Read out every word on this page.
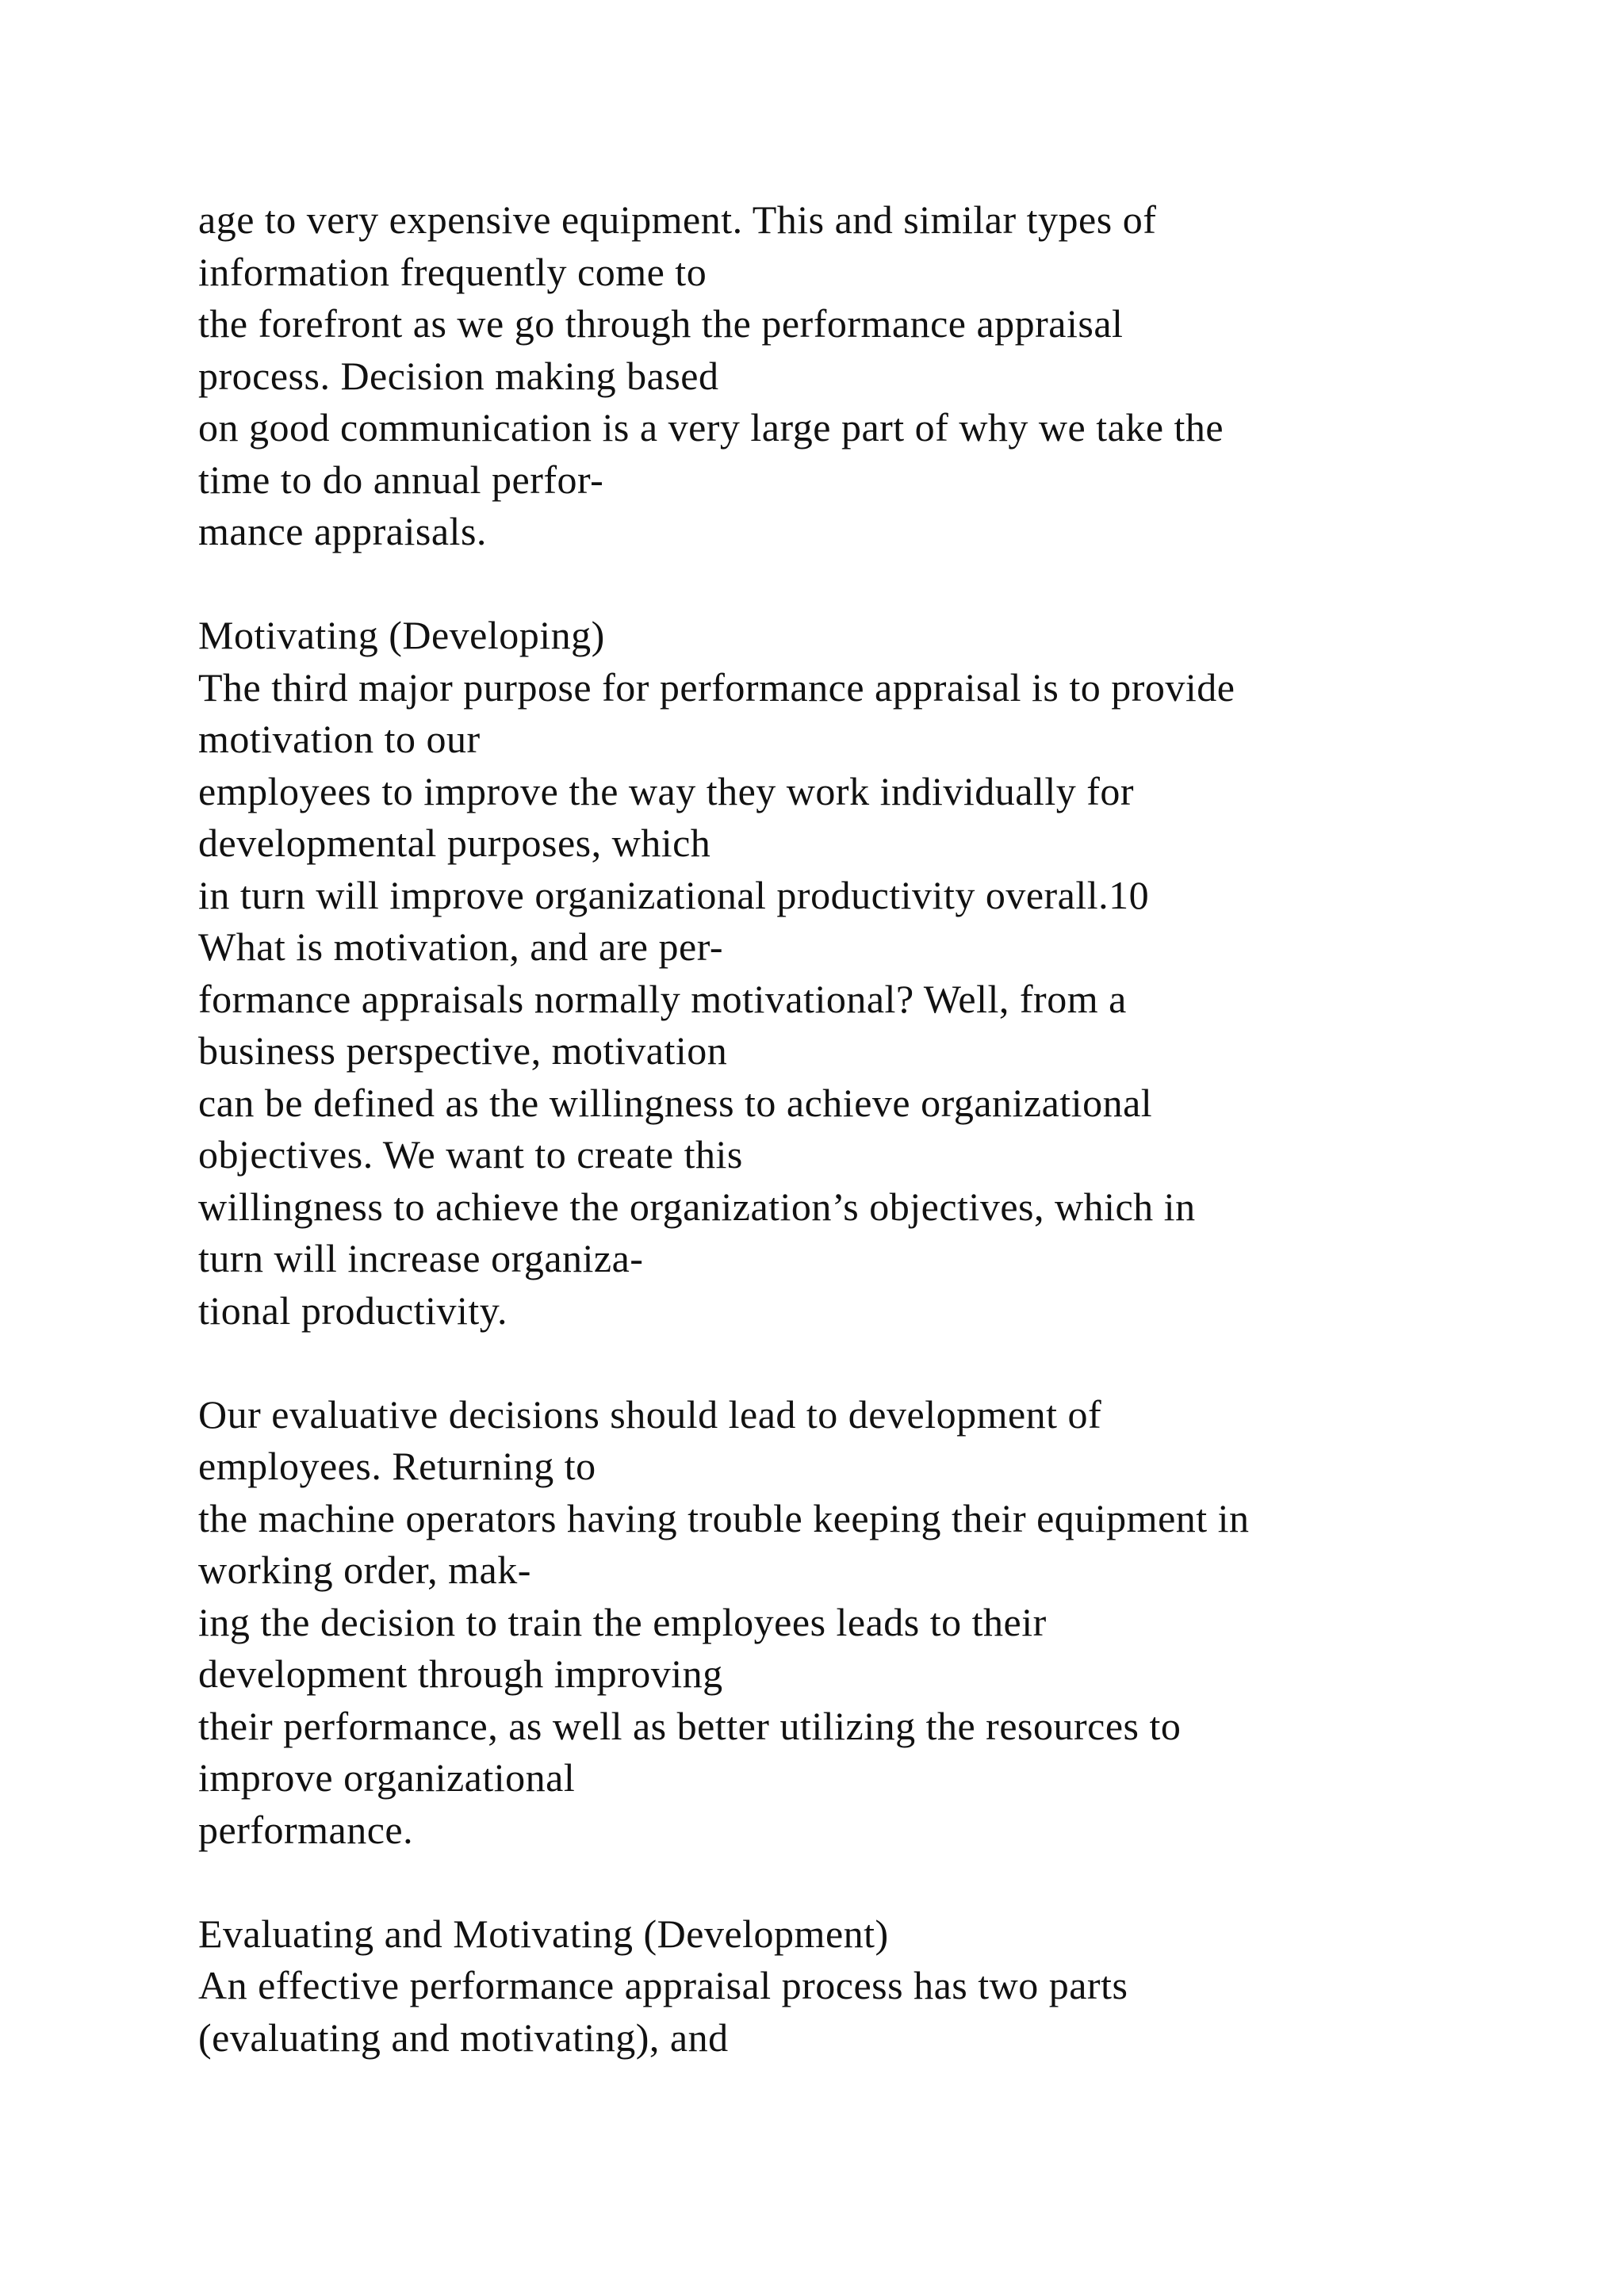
age to very expensive equipment. This and similar types of
information frequently come to
the forefront as we go through the performance appraisal
process. Decision making based
on good communication is a very large part of why we take the
time to do annual perfor-
mance appraisals.
Motivating (Developing)
The third major purpose for performance appraisal is to provide
motivation to our
employees to improve the way they work individually for
developmental purposes, which
in turn will improve organizational productivity overall.10
What is motivation, and are per-
formance appraisals normally motivational? Well, from a
business perspective, motivation
can be defined as the willingness to achieve organizational
objectives. We want to create this
willingness to achieve the organization’s objectives, which in
turn will increase organiza-
tional productivity.
Our evaluative decisions should lead to development of
employees. Returning to
the machine operators having trouble keeping their equipment in
working order, mak-
ing the decision to train the employees leads to their
development through improving
their performance, as well as better utilizing the resources to
improve organizational
performance.
Evaluating and Motivating (Development)
An effective performance appraisal process has two parts
(evaluating and motivating), and
